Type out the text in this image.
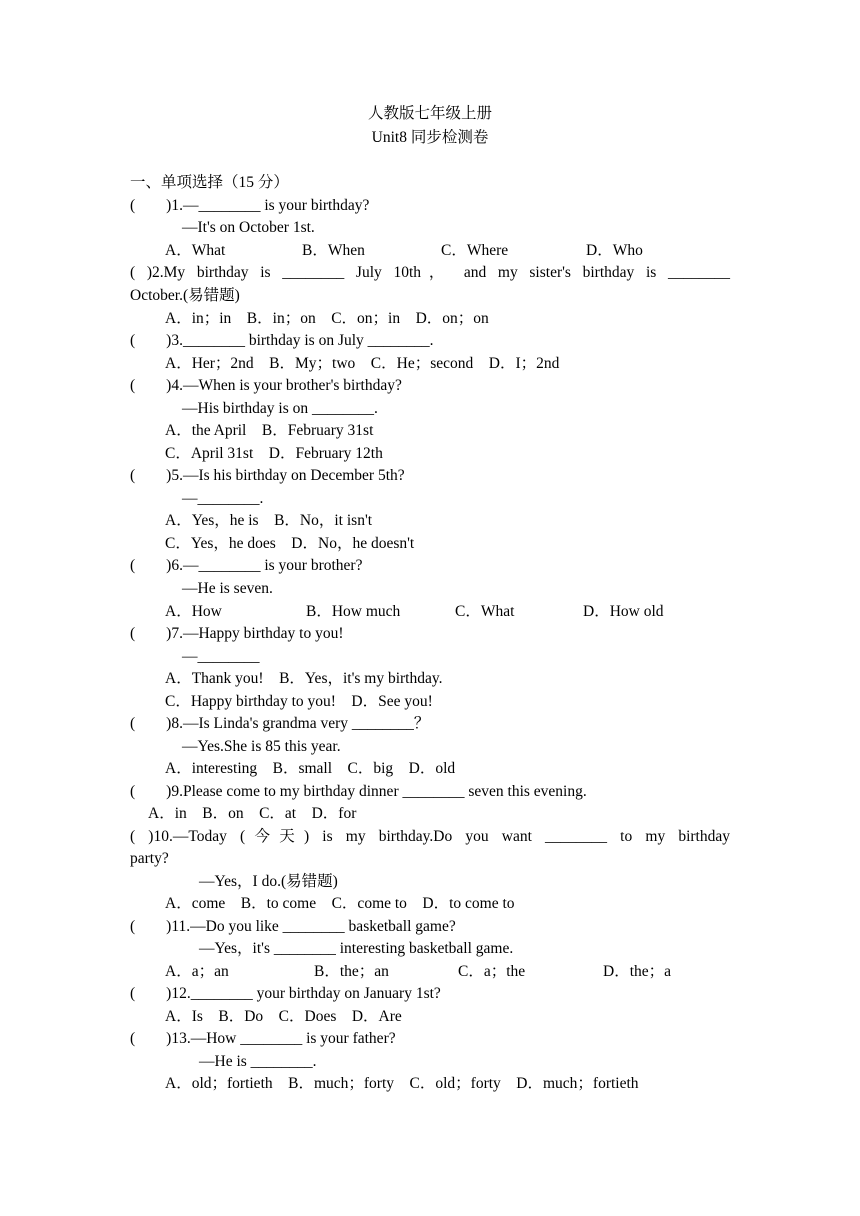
人教版七年级上册
Unit8 同步检测卷
一、单项选择（15 分）
(        )1.—________ is your birthday?
—It's on October 1st.
A．What	B．When	C．Where	D．Who
( )2.My birthday is ________ July 10th， and my sister's birthday is ________
October.(易错题)
A．in；in    B．in；on    C．on；in    D．on；on
(        )3.________ birthday is on July ________.
A．Her；2nd    B．My；two    C．He；second    D．I；2nd
(        )4.—When is your brother's birthday?
—His birthday is on ________.
A．the April    B．February 31st
C．April 31st    D．February 12th
(        )5.—Is his birthday on December 5th?
—________.
A．Yes，he is    B．No，it isn't
C．Yes，he does    D．No，he doesn't
(        )6.—________ is your brother?
—He is seven.
A．How	B．How much	C．What	D．How old
(        )7.—Happy birthday to you!
—________
A．Thank you!    B．Yes，it's my birthday.
C．Happy birthday to you!    D．See you!
(        )8.—Is Linda's grandma very ________？
—Yes.She is 85 this year.
A．interesting    B．small    C．big    D．old
(        )9.Please come to my birthday dinner ________ seven this evening.
A．in    B．on    C．at    D．for
( )10.—Today (今天) is my birthday.Do you want ________ to my birthday
party?
—Yes，I do.(易错题)
A．come    B．to come    C．come to    D．to come to
(        )11.—Do you like ________ basketball game?
—Yes，it's ________ interesting basketball game.
A．a；an	B．the；an	C．a；the	D．the；a
(        )12.________ your birthday on January 1st?
A．Is    B．Do    C．Does    D．Are
(        )13.—How ________ is your father?
—He is ________.
A．old；fortieth    B．much；forty    C．old；forty    D．much；fortieth
